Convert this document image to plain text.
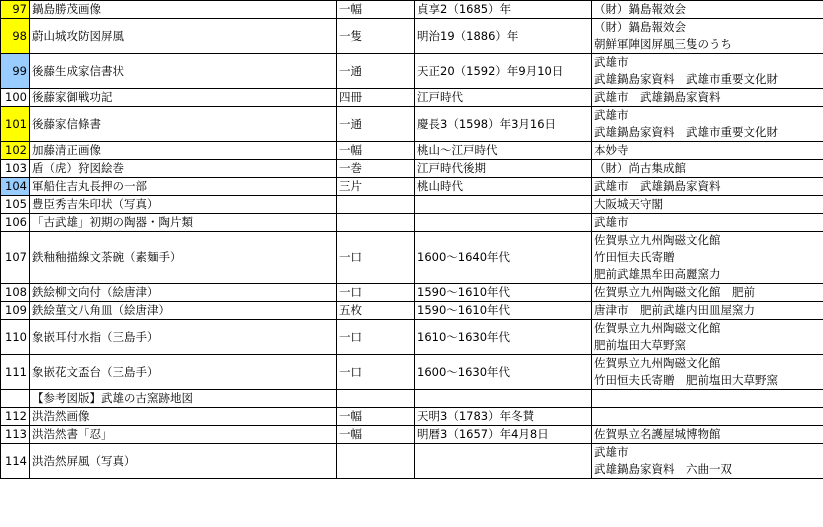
97	鍋島勝茂画像	一幅	貞享2（1685）年	（財）鍋島報效会

98	蔚山城攻防図屏風	一隻	明治19（1886）年	（財）鍋島報效会
朝鮮軍陣図屏風三隻のうち

99	後藤生成家信書状	一通	天正20（1592）年9月10日	武雄市
武雄鍋島家資料　武雄市重要文化財

100	後藤家御戦功記	四冊	江戸時代	武雄市　武雄鍋島家資料

101	後藤家信條書	一通	慶長3（1598）年3月16日	武雄市
武雄鍋島家資料　武雄市重要文化財

102	加藤清正画像	一幅	桃山～江戸時代	本妙寺

103	盾（虎）狩図絵巻	一巻	江戸時代後期	（財）尚古集成館

104	軍船住吉丸長押の一部	三片	桃山時代	武雄市　武雄鍋島家資料

105	豊臣秀吉朱印状（写真）			大阪城天守閣

106	「古武雄」初期の陶器・陶片類			武雄市

107	鉄釉釉描線文茶碗（素麺手）	一口	1600～1640年代	佐賀県立九州陶磁文化館
竹田恒夫氏寄贈
肥前武雄黒牟田高麗窯力

108	鉄絵柳文向付（絵唐津）	一口	1590～1610年代	佐賀県立九州陶磁文化館　肥前

109	鉄絵菫文八角皿（絵唐津）	五枚	1590～1610年代	唐津市　肥前武雄内田皿屋窯力

110	象嵌耳付水指（三島手）	一口	1610～1630年代	佐賀県立九州陶磁文化館
肥前塩田大草野窯

111	象嵌花文盃台（三島手）	一口	1600～1630年代	佐賀県立九州陶磁文化館
竹田恒夫氏寄贈　肥前塩田大草野窯

	【参考図版】武雄の古窯跡地図			

112	洪浩然画像	一幅	天明3（1783）年冬賛	

113	洪浩然書「忍」	一幅	明暦3（1657）年4月8日	佐賀県立名護屋城博物館

114	洪浩然屏風（写真）			武雄市
武雄鍋島家資料　六曲一双
